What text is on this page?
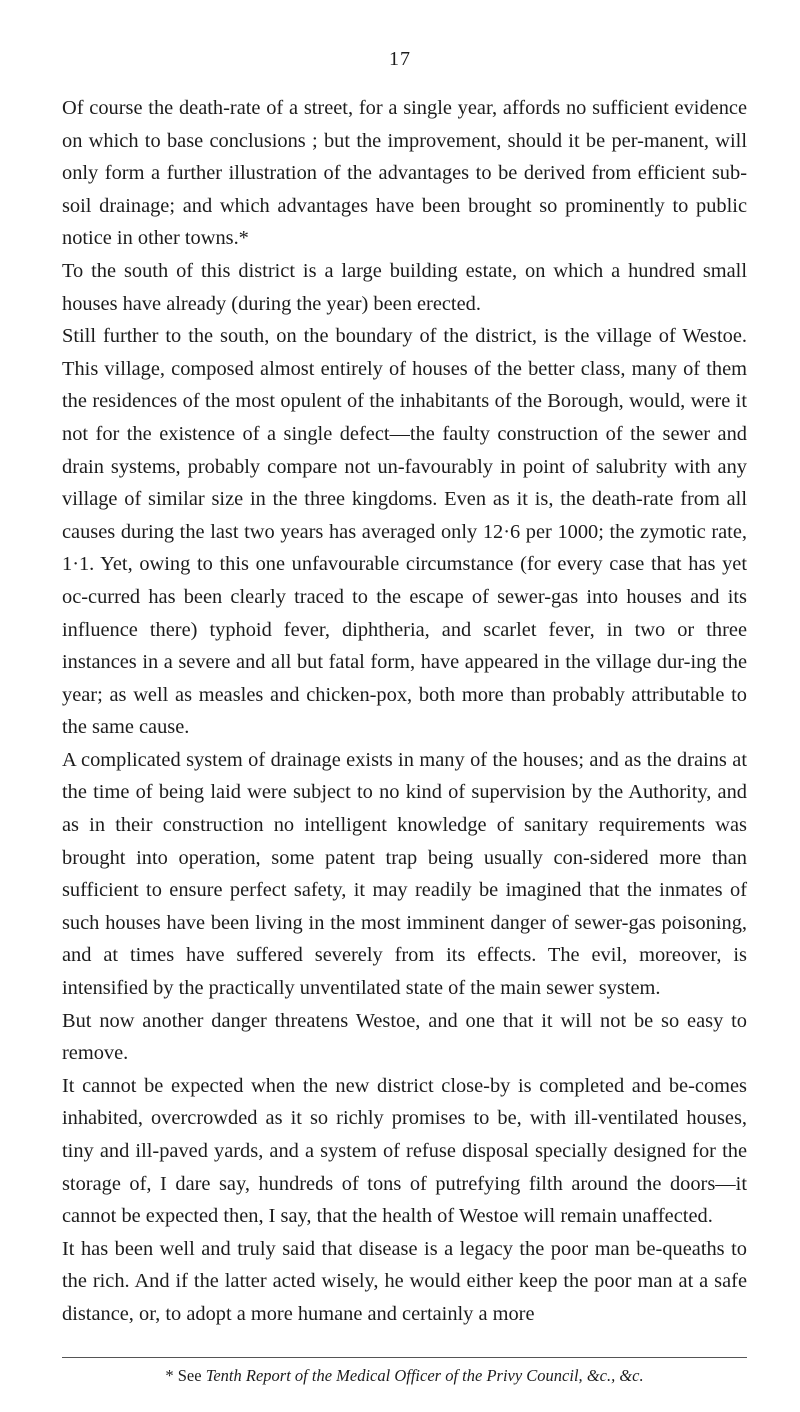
17

Of course the death-rate of a street, for a single year, affords no sufficient evidence on which to base conclusions ; but the improvement, should it be per-manent, will only form a further illustration of the advantages to be derived from efficient sub-soil drainage; and which advantages have been brought so prominently to public notice in other towns.*

To the south of this district is a large building estate, on which a hundred small houses have already (during the year) been erected.

Still further to the south, on the boundary of the district, is the village of Westoe. This village, composed almost entirely of houses of the better class, many of them the residences of the most opulent of the inhabitants of the Borough, would, were it not for the existence of a single defect—the faulty construction of the sewer and drain systems, probably compare not un-favourably in point of salubrity with any village of similar size in the three kingdoms. Even as it is, the death-rate from all causes during the last two years has averaged only 12·6 per 1000; the zymotic rate, 1·1. Yet, owing to this one unfavourable circumstance (for every case that has yet oc-curred has been clearly traced to the escape of sewer-gas into houses and its influence there) typhoid fever, diphtheria, and scarlet fever, in two or three instances in a severe and all but fatal form, have appeared in the village dur-ing the year; as well as measles and chicken-pox, both more than probably attributable to the same cause.

A complicated system of drainage exists in many of the houses; and as the drains at the time of being laid were subject to no kind of supervision by the Authority, and as in their construction no intelligent knowledge of sanitary requirements was brought into operation, some patent trap being usually con-sidered more than sufficient to ensure perfect safety, it may readily be imagined that the inmates of such houses have been living in the most imminent danger of sewer-gas poisoning, and at times have suffered severely from its effects. The evil, moreover, is intensified by the practically unventilated state of the main sewer system.

But now another danger threatens Westoe, and one that it will not be so easy to remove.

It cannot be expected when the new district close-by is completed and be-comes inhabited, overcrowded as it so richly promises to be, with ill-ventilated houses, tiny and ill-paved yards, and a system of refuse disposal specially designed for the storage of, I dare say, hundreds of tons of putrefying filth around the doors—it cannot be expected then, I say, that the health of Westoe will remain unaffected.

It has been well and truly said that disease is a legacy the poor man be-queaths to the rich. And if the latter acted wisely, he would either keep the poor man at a safe distance, or, to adopt a more humane and certainly a more

* See Tenth Report of the Medical Officer of the Privy Council, &c., &c.
